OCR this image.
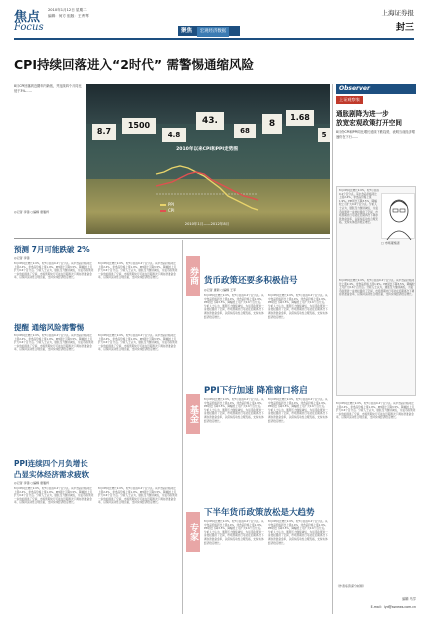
焦点
Focus
2010年1月12日 星期二
编辑：何方 组版：王秀琴
聚焦 宏观经济数据
上海证券报
封三
CPI持续回落进入“2时代” 需警惕通缩风险
8月CPI回落到近期年内新低，并连续四个月同比低于3%……
◎记者 李锋 ○编辑 唐雁梓
8.7
1500
4.8
43.
68
8
1.68
5
2010年以来CPI和PPI走势图
PPI
CPI
2010年1月——2012年8月
Observer
上证观察家
通胀剧降为进一步
放宽宏观政策打开空间
8月份CPI和PPI同比增长延续下跌趋势，表明当前经济增速仍在下行……
8月CPI同比增长2.0%，较7月回落0.4个百分点。其中食品价格同比上涨2.4%，非食品价格上涨1.9%。PPI同比下降3.5%，降幅较上月扩大0.6个百分点。分析人士认为，通胀压力继续减轻，为货币政策进一步放松提供了空间，市场预期央行可能在近期再次下调存款准备金率，以保持流动性合理充裕，支持实体经济稳定增长。
□ 市场观察者
8月CPI同比增长2.0%，较7月回落0.4个百分点。其中食品价格同比上涨2.4%，非食品价格上涨1.9%。PPI同比下降3.5%，降幅较上月扩大0.6个百分点。分析人士认为，通胀压力继续减轻，为货币政策进一步放松提供了空间，市场预期央行可能在近期再次下调存款准备金率，以保持流动性合理充裕，支持实体经济稳定增长。
8月CPI同比增长2.0%，较7月回落0.4个百分点。其中食品价格同比上涨2.4%，非食品价格上涨1.9%。PPI同比下降3.5%，降幅较上月扩大0.6个百分点。分析人士认为，通胀压力继续减轻，为货币政策进一步放松提供了空间，市场预期央行可能在近期再次下调存款准备金率，以保持流动性合理充裕，支持实体经济稳定增长。
（作者系资深分析师）
编辑 马学
E-mail：lyd@ssnews.com.cn
预测 7月可能跌破 2%
◎记者 李锋
8月CPI同比增长2.0%，较7月回落0.4个百分点。其中食品价格同比上涨2.4%，非食品价格上涨1.9%。PPI同比下降3.5%，降幅较上月扩大0.6个百分点。分析人士认为，通胀压力继续减轻，为货币政策进一步放松提供了空间，市场预期央行可能在近期再次下调存款准备金率，以保持流动性合理充裕，支持实体经济稳定增长。
8月CPI同比增长2.0%，较7月回落0.4个百分点。其中食品价格同比上涨2.4%，非食品价格上涨1.9%。PPI同比下降3.5%，降幅较上月扩大0.6个百分点。分析人士认为，通胀压力继续减轻，为货币政策进一步放松提供了空间，市场预期央行可能在近期再次下调存款准备金率，以保持流动性合理充裕，支持实体经济稳定增长。
提醒 通缩风险需警惕
8月CPI同比增长2.0%，较7月回落0.4个百分点。其中食品价格同比上涨2.4%，非食品价格上涨1.9%。PPI同比下降3.5%，降幅较上月扩大0.6个百分点。分析人士认为，通胀压力继续减轻，为货币政策进一步放松提供了空间，市场预期央行可能在近期再次下调存款准备金率，以保持流动性合理充裕，支持实体经济稳定增长。
8月CPI同比增长2.0%，较7月回落0.4个百分点。其中食品价格同比上涨2.4%，非食品价格上涨1.9%。PPI同比下降3.5%，降幅较上月扩大0.6个百分点。分析人士认为，通胀压力继续减轻，为货币政策进一步放松提供了空间，市场预期央行可能在近期再次下调存款准备金率，以保持流动性合理充裕，支持实体经济稳定增长。
PPI连续四个月负增长
凸显实体经济需求疲软
◎记者 李锋 ○编辑 唐雁梓
8月CPI同比增长2.0%，较7月回落0.4个百分点。其中食品价格同比上涨2.4%，非食品价格上涨1.9%。PPI同比下降3.5%，降幅较上月扩大0.6个百分点。分析人士认为，通胀压力继续减轻，为货币政策进一步放松提供了空间，市场预期央行可能在近期再次下调存款准备金率，以保持流动性合理充裕，支持实体经济稳定增长。
8月CPI同比增长2.0%，较7月回落0.4个百分点。其中食品价格同比上涨2.4%，非食品价格上涨1.9%。PPI同比下降3.5%，降幅较上月扩大0.6个百分点。分析人士认为，通胀压力继续减轻，为货币政策进一步放松提供了空间，市场预期央行可能在近期再次下调存款准备金率，以保持流动性合理充裕，支持实体经济稳定增长。
券商
基金
专家
货币政策还要多积极信号
◎记者 唐新 ○编辑 王军
8月CPI同比增长2.0%，较7月回落0.4个百分点。其中食品价格同比上涨2.4%，非食品价格上涨1.9%。PPI同比下降3.5%，降幅较上月扩大0.6个百分点。分析人士认为，通胀压力继续减轻，为货币政策进一步放松提供了空间，市场预期央行可能在近期再次下调存款准备金率，以保持流动性合理充裕，支持实体经济稳定增长。
8月CPI同比增长2.0%，较7月回落0.4个百分点。其中食品价格同比上涨2.4%，非食品价格上涨1.9%。PPI同比下降3.5%，降幅较上月扩大0.6个百分点。分析人士认为，通胀压力继续减轻，为货币政策进一步放松提供了空间，市场预期央行可能在近期再次下调存款准备金率，以保持流动性合理充裕，支持实体经济稳定增长。
PPI下行加速 降准窗口将启
8月CPI同比增长2.0%，较7月回落0.4个百分点。其中食品价格同比上涨2.4%，非食品价格上涨1.9%。PPI同比下降3.5%，降幅较上月扩大0.6个百分点。分析人士认为，通胀压力继续减轻，为货币政策进一步放松提供了空间，市场预期央行可能在近期再次下调存款准备金率，以保持流动性合理充裕，支持实体经济稳定增长。
8月CPI同比增长2.0%，较7月回落0.4个百分点。其中食品价格同比上涨2.4%，非食品价格上涨1.9%。PPI同比下降3.5%，降幅较上月扩大0.6个百分点。分析人士认为，通胀压力继续减轻，为货币政策进一步放松提供了空间，市场预期央行可能在近期再次下调存款准备金率，以保持流动性合理充裕，支持实体经济稳定增长。
下半年货币政策放松是大趋势
8月CPI同比增长2.0%，较7月回落0.4个百分点。其中食品价格同比上涨2.4%，非食品价格上涨1.9%。PPI同比下降3.5%，降幅较上月扩大0.6个百分点。分析人士认为，通胀压力继续减轻，为货币政策进一步放松提供了空间，市场预期央行可能在近期再次下调存款准备金率，以保持流动性合理充裕，支持实体经济稳定增长。
8月CPI同比增长2.0%，较7月回落0.4个百分点。其中食品价格同比上涨2.4%，非食品价格上涨1.9%。PPI同比下降3.5%，降幅较上月扩大0.6个百分点。分析人士认为，通胀压力继续减轻，为货币政策进一步放松提供了空间，市场预期央行可能在近期再次下调存款准备金率，以保持流动性合理充裕，支持实体经济稳定增长。
